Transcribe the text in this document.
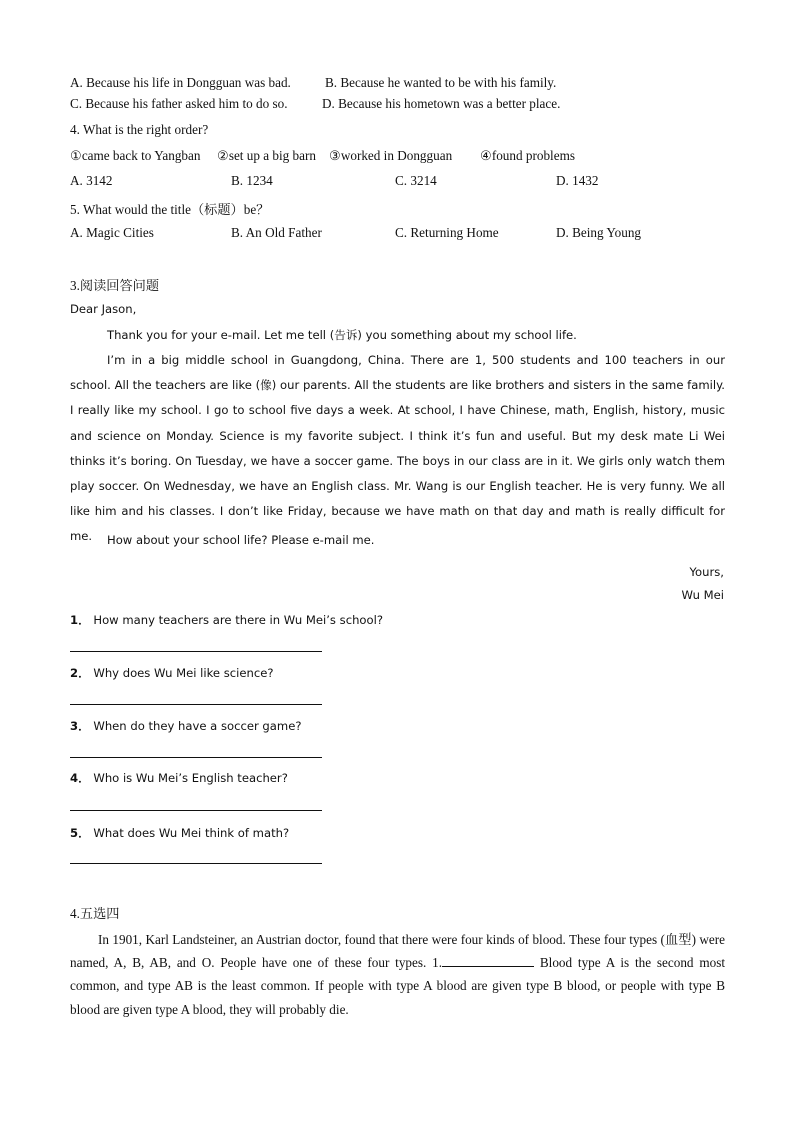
A. Because his life in Dongguan was bad.	B. Because he wanted to be with his family.
C. Because his father asked him to do so.	D. Because his hometown was a better place.
4. What is the right order?
①came back to Yangban ②set up a big barn ③worked in Dongguan ④found problems
A. 3142	B. 1234	C. 3214	D. 1432
5. What would the title（标题）be？
A. Magic Cities	B. An Old Father	C. Returning Home	D. Being Young
3.阅读回答问题
Dear Jason,
Thank you for your e-mail. Let me tell (告诉) you something about my school life.
I’m in a big middle school in Guangdong, China. There are 1, 500 students and 100 teachers in our school. All the teachers are like (像) our parents. All the students are like brothers and sisters in the same family. I really like my school. I go to school five days a week. At school, I have Chinese, math, English, history, music and science on Monday. Science is my favorite subject. I think it’s fun and useful. But my desk mate Li Wei thinks it’s boring. On Tuesday, we have a soccer game. The boys in our class are in it. We girls only watch them play soccer. On Wednesday, we have an English class. Mr. Wang is our English teacher. He is very funny. We all like him and his classes. I don’t like Friday, because we have math on that day and math is really difficult for me.	How about your school life? Please e-mail me.
Yours,
Wu Mei
1． How many teachers are there in Wu Mei’s school?
2． Why does Wu Mei like science?
3． When do they have a soccer game?
4． Who is Wu Mei’s English teacher?
5． What does Wu Mei think of math?
4.五选四
In 1901, Karl Landsteiner, an Austrian doctor, found that there were four kinds of blood. These four types (血型) were named, A, B, AB, and O. People have one of these four types. 1.	Blood type A is the second most common, and type AB is the least common. If people with type A blood are given type B blood, or people with type B blood are given type A blood, they will probably die.
